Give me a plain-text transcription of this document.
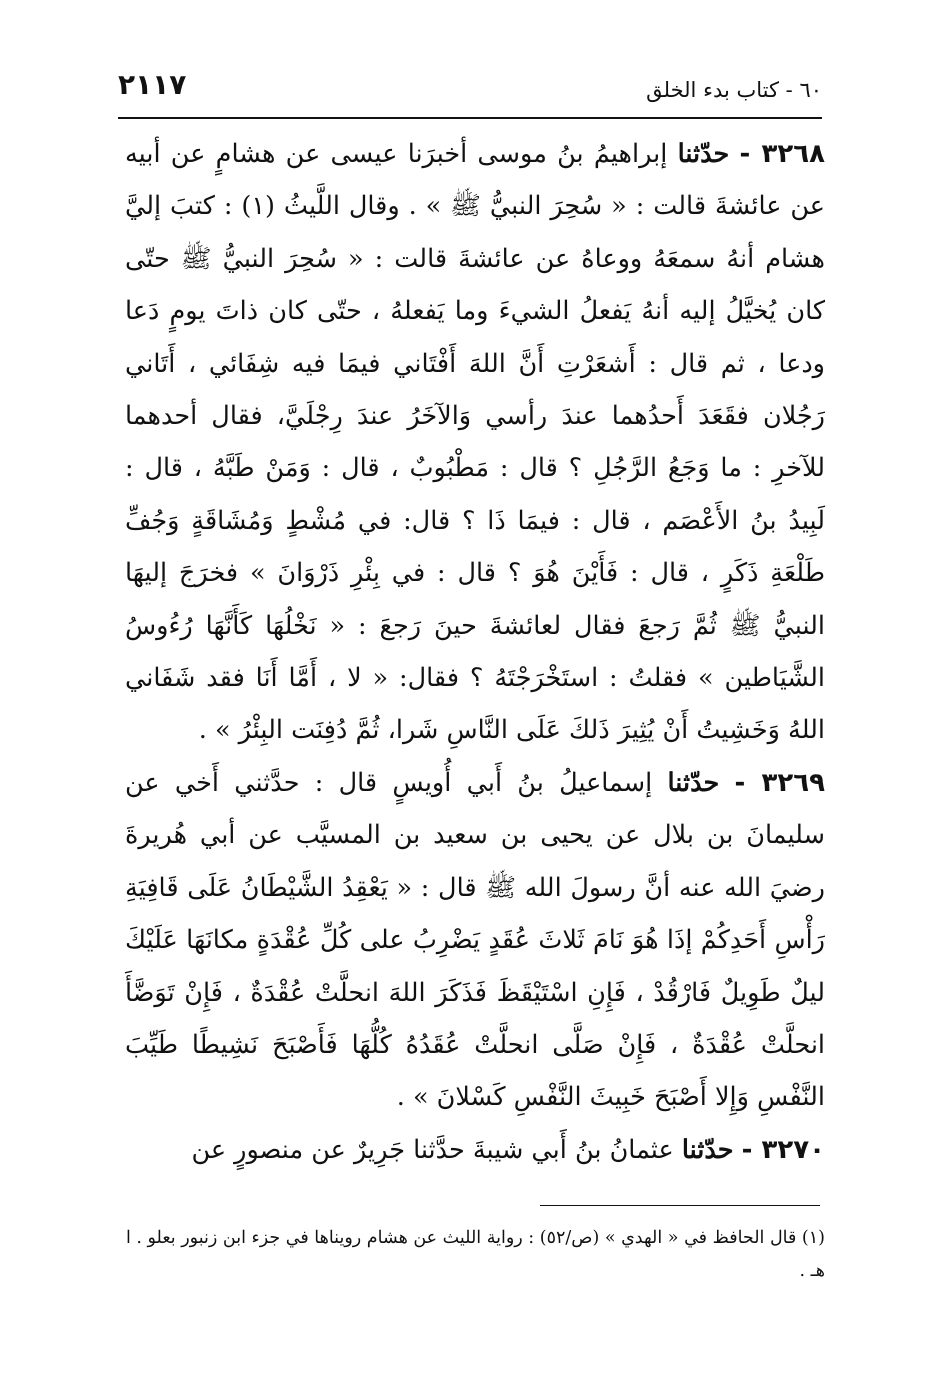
٢١١٧	٦٠ - كتاب بدء الخلق

٣٢٦٨ - حدّثنا إبراهيمُ بنُ موسى أخبرَنا عيسى عن هشامٍ عن أبيه عن عائشةَ قالت : « سُحِرَ النبيُّ ﷺ » . وقال اللَّيثُ (١) : كتبَ إليَّ هشام أنهُ سمعَهُ ووعاهُ عن عائشةَ قالت : « سُحِرَ النبيُّ ﷺ حتّى كان يُخيَّلُ إليه أنهُ يَفعلُ الشيءَ وما يَفعلهُ ، حتّى كان ذاتَ يومٍ دَعا ودعا ، ثم قال : أَشعَرْتِ أَنَّ اللهَ أَفْتَاني فيمَا فيه شِفَائي ، أَتَاني رَجُلان فقَعَدَ أَحدُهما عندَ رأسي وَالآخَرُ عندَ رِجْلَيَّ، فقال أحدهما للآخرِ : ما وَجَعُ الرَّجُلِ ؟ قال : مَطْبُوبٌ ، قال : وَمَنْ طَبَّهُ ، قال : لَبِيدُ بنُ الأَعْصَم ، قال : فيمَا ذَا ؟ قال: في مُشْطٍ وَمُشَاقَةٍ وَجُفِّ طَلْعَةِ ذَكَرٍ ، قال : فَأَيْنَ هُوَ ؟ قال : في بِئْرِ ذَرْوَانَ » فخرَجَ إليهَا النبيُّ ﷺ ثُمَّ رَجعَ فقال لعائشةَ حينَ رَجعَ : « نَخْلُهَا كَأَنَّهَا رُءُوسُ الشَّيَاطين » فقلتُ : استَخْرَجْتَهُ ؟ فقال: « لا ، أَمَّا أَنَا فقد شَفَاني اللهُ وَخَشِيتُ أَنْ يُثِيرَ ذَلكَ عَلَى النَّاسِ شَرا، ثُمَّ دُفِنَت البِئْرُ » .

٣٢٦٩ - حدّثنا إسماعيلُ بنُ أَبي أُويسٍ قال : حدَّثني أَخي عن سليمانَ بن بلال عن يحيى بن سعيد بن المسيَّب عن أبي هُريرةَ رضيَ الله عنه أنَّ رسولَ الله ﷺ قال : « يَعْقِدُ الشَّيْطَانُ عَلَى قَافِيَةِ رَأْسِ أَحَدِكُمْ إذَا هُوَ نَامَ ثَلاثَ عُقَدٍ يَضْرِبُ على كُلِّ عُقْدَةٍ مكانَهَا عَلَيْكَ ليلٌ طَوِيلٌ فَارْقُدْ ، فَإِنِ اسْتَيْقَظَ فَذَكَرَ اللهَ انحلَّتْ عُقْدَةٌ ، فَإِنْ تَوَضَّأَ انحلَّتْ عُقْدَةٌ ، فَإِنْ صَلَّى انحلَّتْ عُقَدُهُ كُلُّهَا فَأَصْبَحَ نَشِيطًا طَيِّبَ النَّفْسِ وَإِلا أَصْبَحَ خَبِيثَ النَّفْسِ كَسْلانَ » .

٣٢٧٠ - حدّثنا عثمانُ بنُ أَبي شيبةَ حدَّثنا جَرِيرٌ عن منصورٍ عن

(١) قال الحافظ في « الهدي » (ص/٥٢) : رواية الليث عن هشام رويناها في جزء ابن زنبور بعلو . ا هـ .
